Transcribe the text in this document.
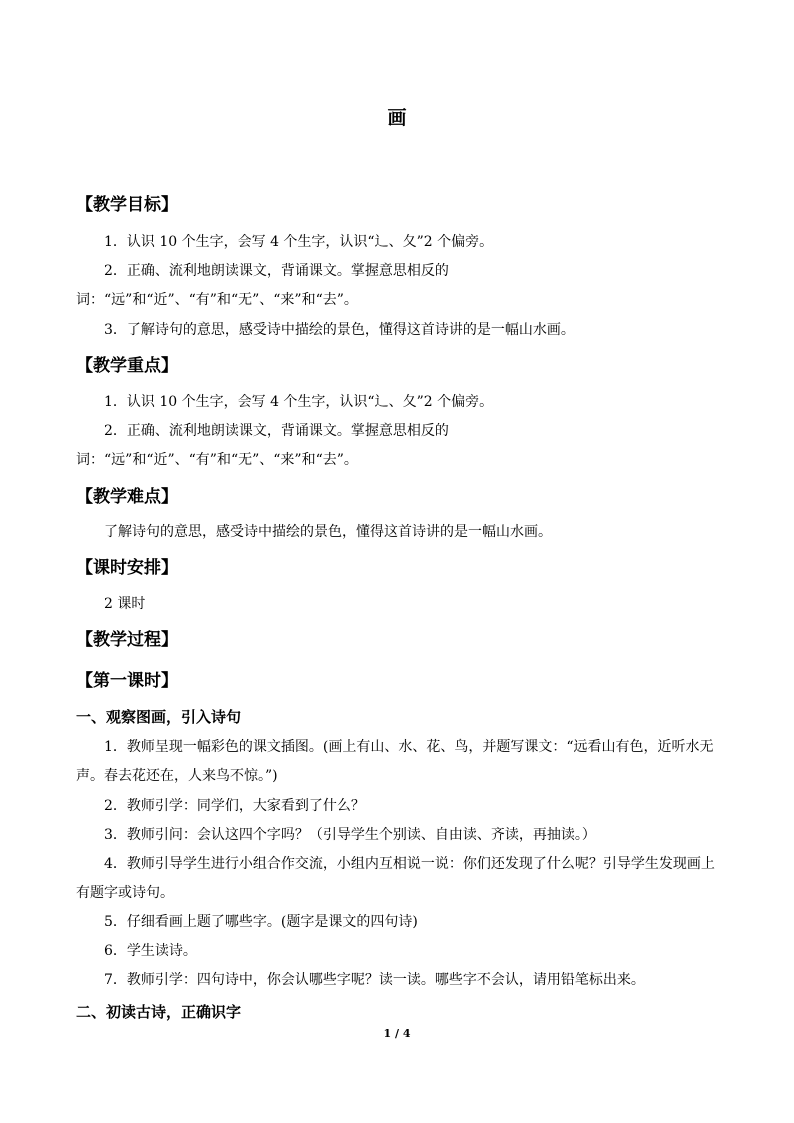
画
【教学目标】
1．认识 10 个生字，会写 4 个生字，认识“辶、夂”2 个偏旁。
2．正确、流利地朗读课文，背诵课文。掌握意思相反的词：“远”和“近”、“有”和“无”、“来”和“去”。
3．了解诗句的意思，感受诗中描绘的景色，懂得这首诗讲的是一幅山水画。
【教学重点】
1．认识 10 个生字，会写 4 个生字，认识“辶、夂”2 个偏旁。
2．正确、流利地朗读课文，背诵课文。掌握意思相反的词：“远”和“近”、“有”和“无”、“来”和“去”。
【教学难点】
了解诗句的意思，感受诗中描绘的景色，懂得这首诗讲的是一幅山水画。
【课时安排】
2 课时
【教学过程】
【第一课时】
一、观察图画，引入诗句
1．教师呈现一幅彩色的课文插图。(画上有山、水、花、鸟，并题写课文：“远看山有色，近听水无声。春去花还在，人来鸟不惊。”)
2．教师引学：同学们，大家看到了什么？
3．教师引问：会认这四个字吗？（引导学生个别读、自由读、齐读，再抽读。）
4．教师引导学生进行小组合作交流，小组内互相说一说：你们还发现了什么呢？引导学生发现画上有题字或诗句。
5．仔细看画上题了哪些字。(题字是课文的四句诗)
6．学生读诗。
7．教师引学：四句诗中，你会认哪些字呢？读一读。哪些字不会认，请用铅笔标出来。
二、初读古诗，正确识字
1 / 4
